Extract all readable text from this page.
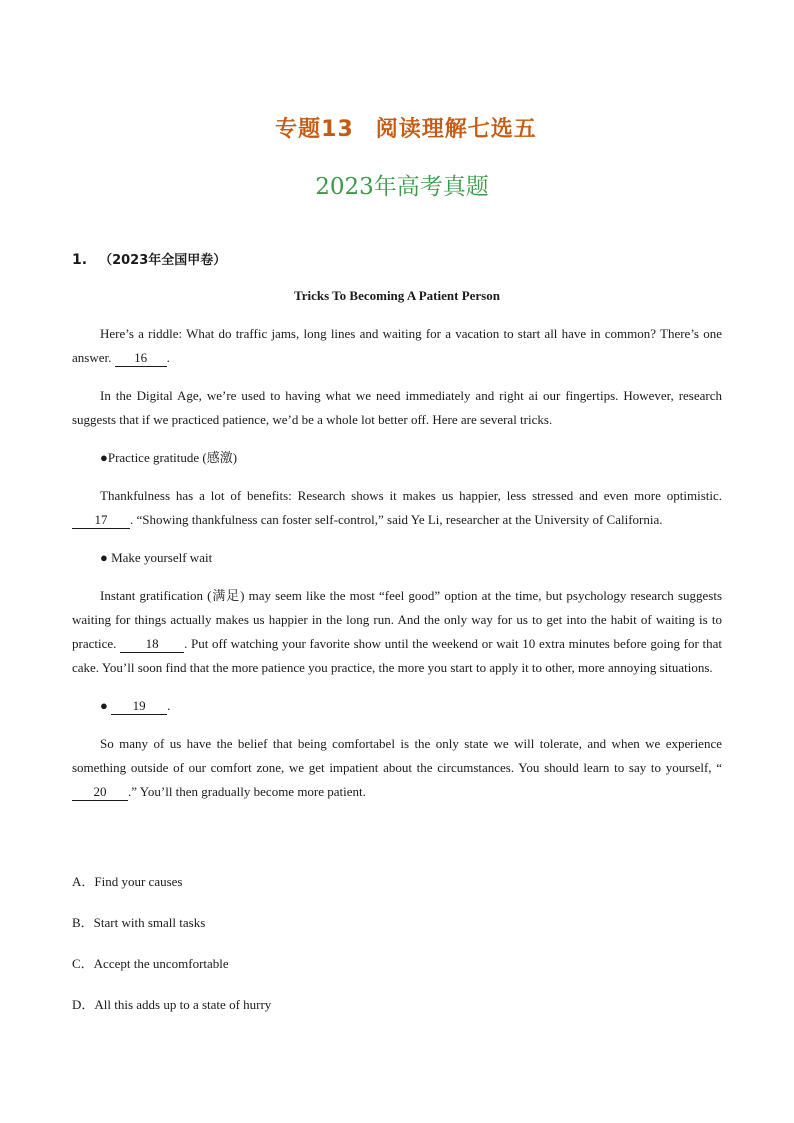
专题13 阅读理解七选五
2023年高考真题
1. （2023年全国甲卷）
Tricks To Becoming A Patient Person

Here’s a riddle: What do traffic jams, long lines and waiting for a vacation to start all have in common? There’s one answer. 16 .

In the Digital Age, we’re used to having what we need immediately and right ai our fingertips. However, research suggests that if we practiced patience, we’d be a whole lot better off. Here are several tricks.

●Practice gratitude (感激)

Thankfulness has a lot of benefits: Research shows it makes us happier, less stressed and even more optimistic. 17 . “Showing thankfulness can foster self-control,” said Ye Li, researcher at the University of California.

● Make yourself wait

Instant gratification (满足) may seem like the most “feel good” option at the time, but psychology research suggests waiting for things actually makes us happier in the long run. And the only way for us to get into the habit of waiting is to practice. 18 . Put off watching your favorite show until the weekend or wait 10 extra minutes before going for that cake. You’ll soon find that the more patience you practice, the more you start to apply it to other, more annoying situations.

● 19 .

So many of us have the belief that being comfortabel is the only state we will tolerate, and when we experience something outside of our comfort zone, we get impatient about the circumstances. You should learn to say to yourself, “20 .” You’ll then gradually become more patient.

A．Find your causes
B．Start with small tasks
C．Accept the uncomfortable
D．All this adds up to a state of hurry
